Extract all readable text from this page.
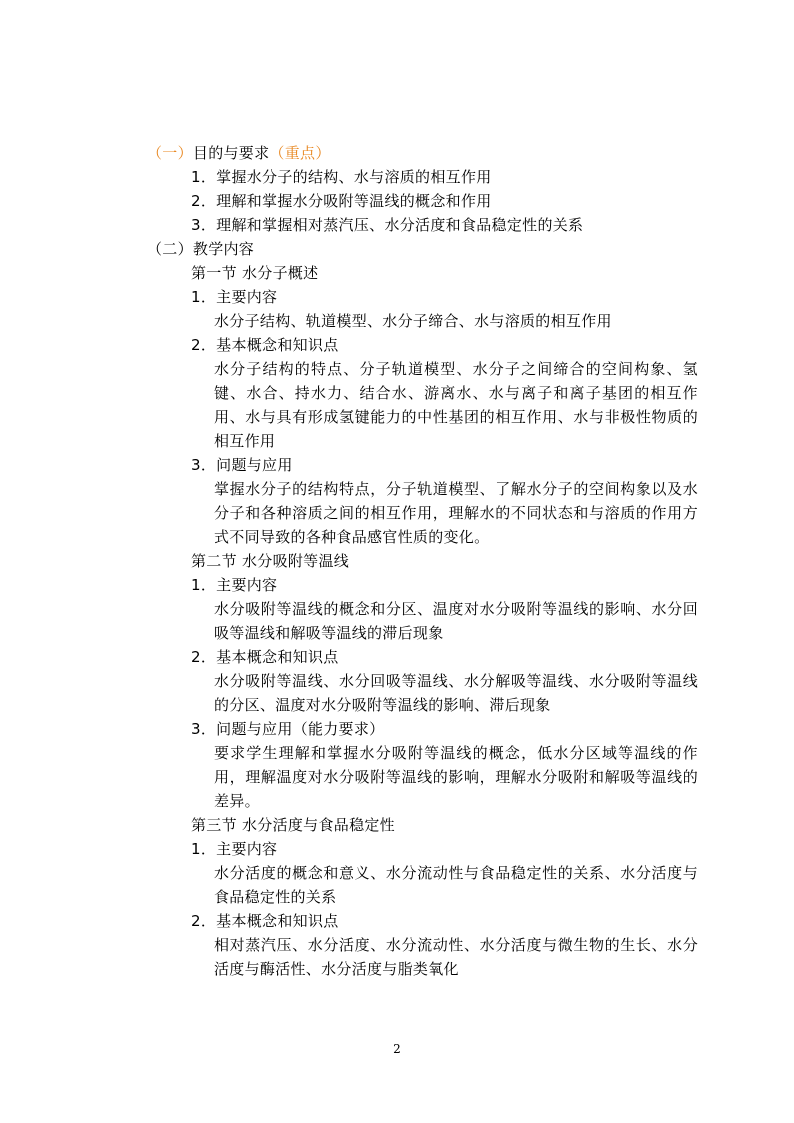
（一）目的与要求（重点）
1．掌握水分子的结构、水与溶质的相互作用
2．理解和掌握水分吸附等温线的概念和作用
3．理解和掌握相对蒸汽压、水分活度和食品稳定性的关系
（二）教学内容
第一节 水分子概述
1．主要内容
水分子结构、轨道模型、水分子缔合、水与溶质的相互作用
2．基本概念和知识点
水分子结构的特点、分子轨道模型、水分子之间缔合的空间构象、氢键、水合、持水力、结合水、游离水、水与离子和离子基团的相互作用、水与具有形成氢键能力的中性基团的相互作用、水与非极性物质的相互作用
3．问题与应用
掌握水分子的结构特点，分子轨道模型、了解水分子的空间构象以及水分子和各种溶质之间的相互作用，理解水的不同状态和与溶质的作用方式不同导致的各种食品感官性质的变化。
第二节 水分吸附等温线
1．主要内容
水分吸附等温线的概念和分区、温度对水分吸附等温线的影响、水分回吸等温线和解吸等温线的滞后现象
2．基本概念和知识点
水分吸附等温线、水分回吸等温线、水分解吸等温线、水分吸附等温线的分区、温度对水分吸附等温线的影响、滞后现象
3．问题与应用（能力要求）
要求学生理解和掌握水分吸附等温线的概念，低水分区域等温线的作用，理解温度对水分吸附等温线的影响，理解水分吸附和解吸等温线的差异。
第三节 水分活度与食品稳定性
1．主要内容
水分活度的概念和意义、水分流动性与食品稳定性的关系、水分活度与食品稳定性的关系
2．基本概念和知识点
相对蒸汽压、水分活度、水分流动性、水分活度与微生物的生长、水分活度与酶活性、水分活度与脂类氧化
2
